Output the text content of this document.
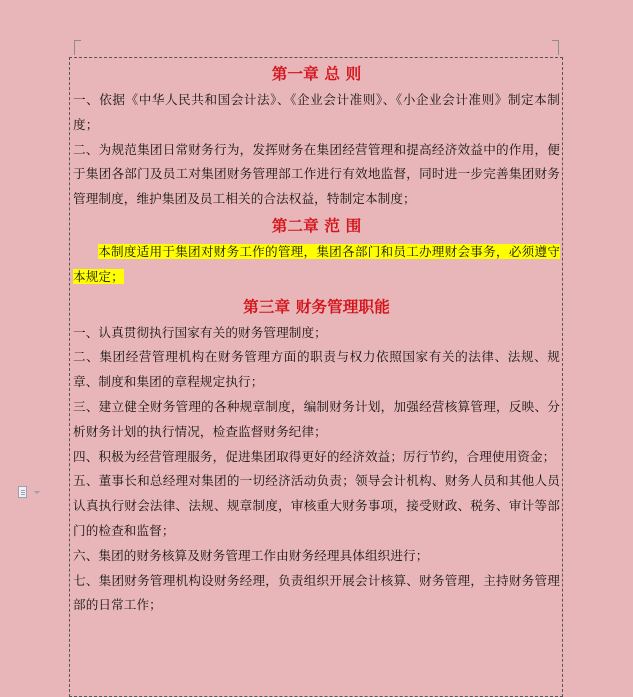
第一章 总 则

一、依据《中华人民共和国会计法》、《企业会计准则》、《小企业会计准则》制定本制度；

二、为规范集团日常财务行为，发挥财务在集团经营管理和提高经济效益中的作用，便于集团各部门及员工对集团财务管理部工作进行有效地监督，同时进一步完善集团财务管理制度，维护集团及员工相关的合法权益，特制定本制度；

第二章 范 围

本制度适用于集团对财务工作的管理，集团各部门和员工办理财会事务，必须遵守本规定；

第三章 财务管理职能

一、认真贯彻执行国家有关的财务管理制度；

二、集团经营管理机构在财务管理方面的职责与权力依照国家有关的法律、法规、规章、制度和集团的章程规定执行；

三、建立健全财务管理的各种规章制度，编制财务计划，加强经营核算管理，反映、分析财务计划的执行情况，检查监督财务纪律；

四、积极为经营管理服务，促进集团取得更好的经济效益；厉行节约，合理使用资金；

五、董事长和总经理对集团的一切经济活动负责；领导会计机构、财务人员和其他人员认真执行财会法律、法规、规章制度，审核重大财务事项，接受财政、税务、审计等部门的检查和监督；

六、集团的财务核算及财务管理工作由财务经理具体组织进行；

七、集团财务管理机构设财务经理，负责组织开展会计核算、财务管理，主持财务管理部的日常工作；
